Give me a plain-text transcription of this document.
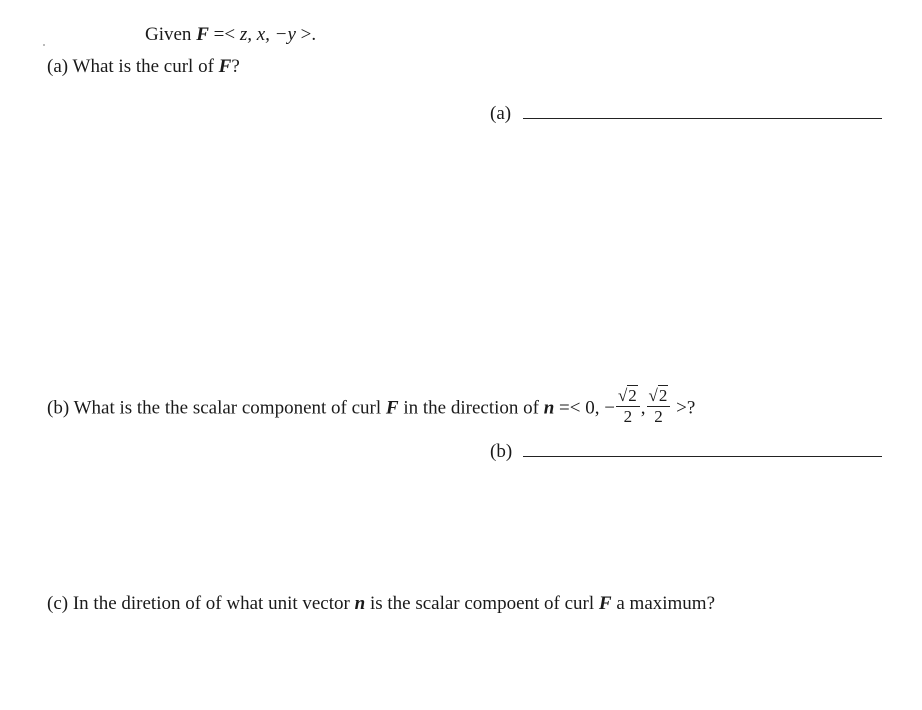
Given F =< z, x, −y >.
(a) What is the curl of F?
(a)
(b) What is the the scalar component of curl F in the direction of n =< 0, − $\frac{√2}{2}$ , $\frac{√2}{2}$ >?
(b)
(c) In the diretion of of what unit vector n is the scalar compoent of curl F a maximum?
